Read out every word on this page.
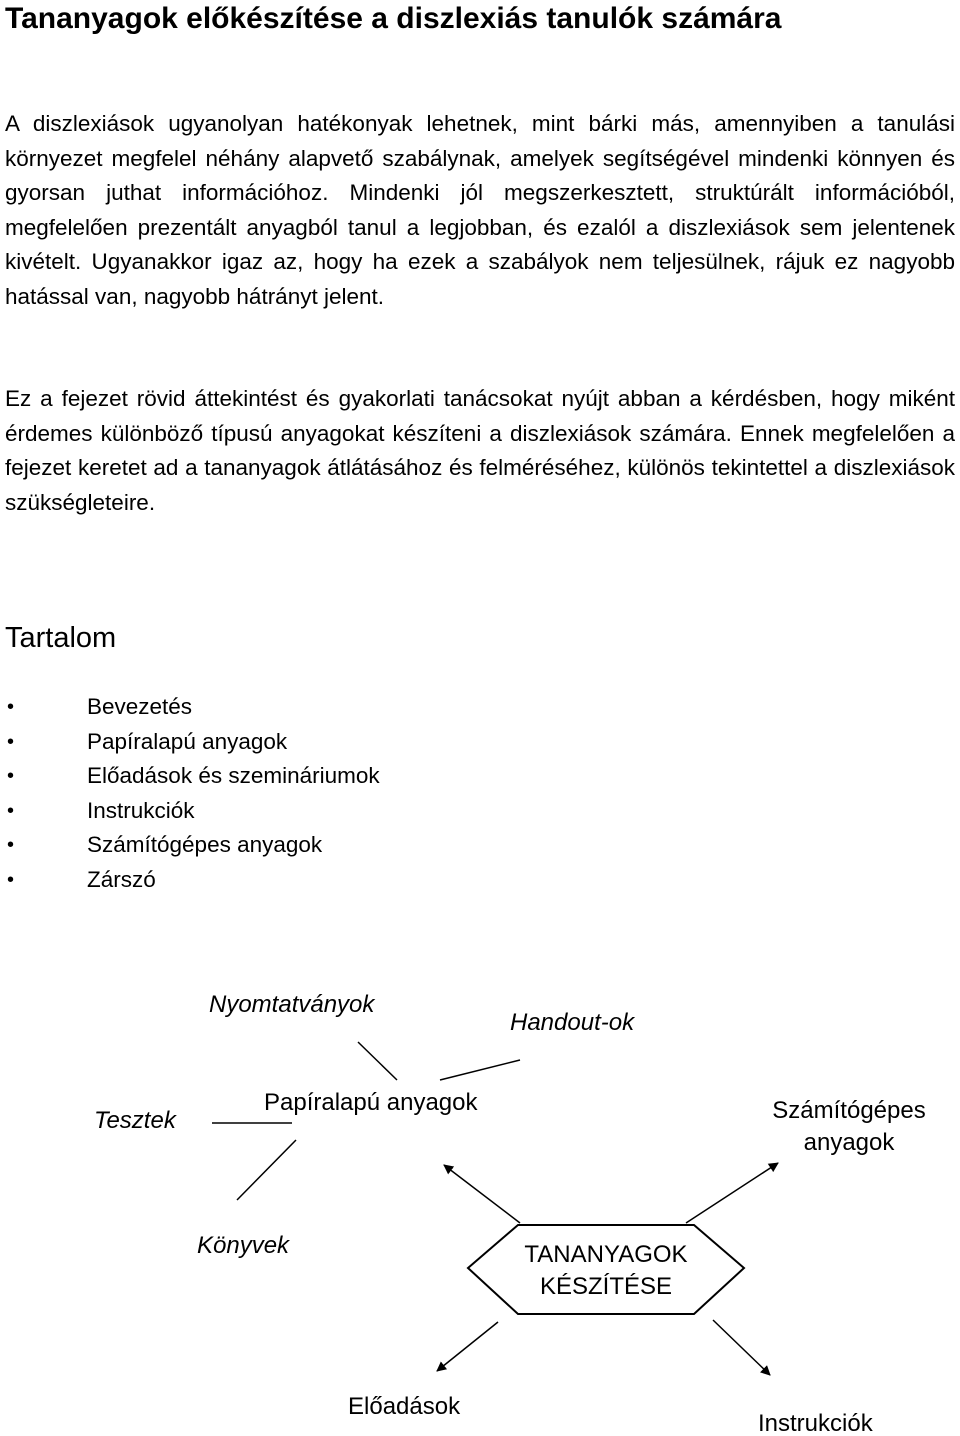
Tananyagok előkészítése a diszlexiás tanulók számára

A diszlexiások ugyanolyan hatékonyak lehetnek, mint bárki más, amennyiben a tanulási környezet megfelel néhány alapvető szabálynak, amelyek segítségével mindenki könnyen és gyorsan juthat információhoz. Mindenki jól megszerkesztett, struktúrált információból, megfelelően prezentált anyagból tanul a legjobban, és ezalól a diszlexiások sem jelentenek kivételt. Ugyanakkor igaz az, hogy ha ezek a szabályok nem teljesülnek, rájuk ez nagyobb hatással van, nagyobb hátrányt jelent.

Ez a fejezet rövid áttekintést és gyakorlati tanácsokat nyújt abban a kérdésben, hogy miként érdemes különböző típusú anyagokat készíteni a diszlexiások számára. Ennek megfelelően a fejezet keretet ad a tananyagok átlátásához és felméréséhez, különös tekintettel a diszlexiások szükségleteire.

Tartalom
•	Bevezetés
•	Papíralapú anyagok
•	Előadások és szemináriumok
•	Instrukciók
•	Számítógépes anyagok
•	Zárszó
TANANYAGOK
KÉSZÍTÉSE
Papíralapú anyagok	Számítógépes
anyagok
Előadások
Instrukciók
Nyomtatványok
Handout-ok
Tesztek
Könyvek
